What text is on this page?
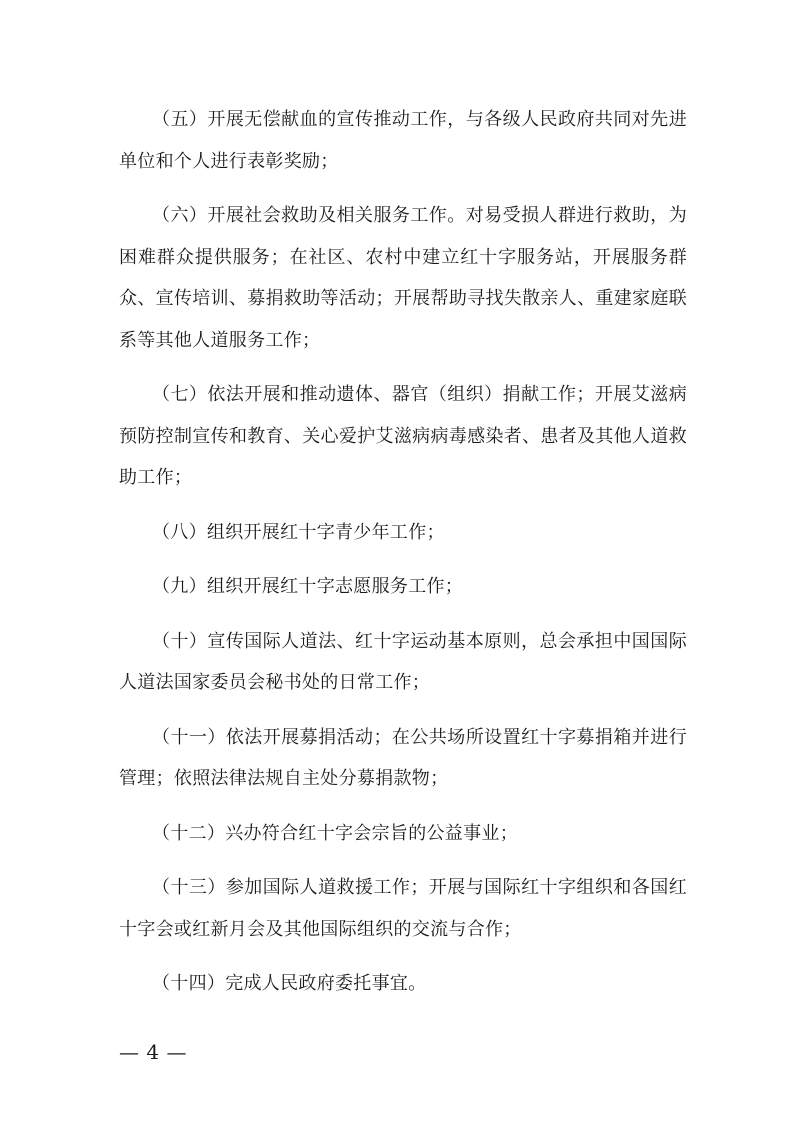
（五）开展无偿献血的宣传推动工作，与各级人民政府共同对先进单位和个人进行表彰奖励；

（六）开展社会救助及相关服务工作。对易受损人群进行救助，为困难群众提供服务；在社区、农村中建立红十字服务站，开展服务群众、宣传培训、募捐救助等活动；开展帮助寻找失散亲人、重建家庭联系等其他人道服务工作；

（七）依法开展和推动遗体、器官（组织）捐献工作；开展艾滋病预防控制宣传和教育、关心爱护艾滋病病毒感染者、患者及其他人道救助工作；

（八）组织开展红十字青少年工作；

（九）组织开展红十字志愿服务工作；

（十）宣传国际人道法、红十字运动基本原则，总会承担中国国际人道法国家委员会秘书处的日常工作；

（十一）依法开展募捐活动；在公共场所设置红十字募捐箱并进行管理；依照法律法规自主处分募捐款物；

（十二）兴办符合红十字会宗旨的公益事业；

（十三）参加国际人道救援工作；开展与国际红十字组织和各国红十字会或红新月会及其他国际组织的交流与合作；

（十四）完成人民政府委托事宜。

— 4 —
